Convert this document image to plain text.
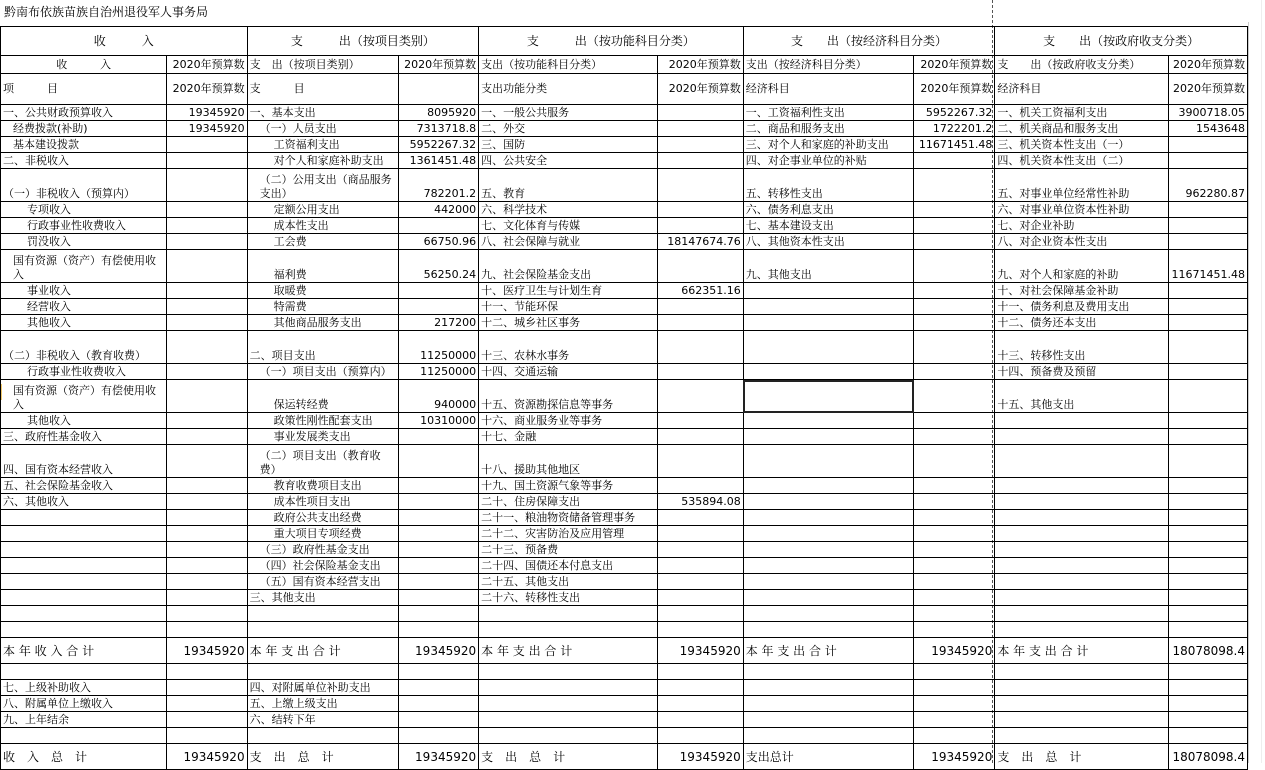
黔南布依族苗族自治州退役军人事务局
收　　　入		支　　　出（按项目类别）		支　　　出（按功能科目分类）		支　　出（按经济科目分类）		支　　出（按政府收支分类）	
收　　　入	2020年预算数	支　出（按项目类别）	2020年预算数	支出（按功能科目分类）	2020年预算数	支出（按经济科目分类）	2020年预算数	支　　出（按政府收支分类）	2020年预算数
项　　　目	2020年预算数	支　　　目		支出功能分类	2020年预算数	经济科目	2020年预算数	经济科目	2020年预算数
一、公共财政预算收入	19345920	一、基本支出	8095920	一、一般公共服务		一、工资福利性支出	5952267.32	一、机关工资福利支出	3900718.05
经费拨款(补助)	19345920	（一）人员支出	7313718.8	二、外交		二、商品和服务支出	1722201.2	二、机关商品和服务支出	1543648
基本建设拨款		工资福利支出	5952267.32	三、国防		三、对个人和家庭的补助支出	11671451.48	三、机关资本性支出（一）	
二、非税收入		对个人和家庭补助支出	1361451.48	四、公共安全		四、对企事业单位的补贴		四、机关资本性支出（二）	
（一）非税收入（预算内）		（二）公用支出（商品服务支出）	782201.2	五、教育		五、转移性支出		五、对事业单位经常性补助	962280.87
专项收入		定额公用支出	442000	六、科学技术		六、债务利息支出		六、对事业单位资本性补助	
行政事业性收费收入		成本性支出		七、文化体育与传媒		七、基本建设支出		七、对企业补助	
罚没收入		工会费	66750.96	八、社会保障与就业	18147674.76	八、其他资本性支出		八、对企业资本性支出	
国有资源（资产）有偿使用收入		福利费	56250.24	九、社会保险基金支出		九、其他支出		九、对个人和家庭的补助	11671451.48
事业收入		取暖费		十、医疗卫生与计划生育	662351.16			十、对社会保障基金补助	
经营收入		特需费		十一、节能环保				十一、债务利息及费用支出	
其他收入		其他商品服务支出	217200	十二、城乡社区事务				十二、债务还本支出	
（二）非税收入（教育收费）		二、项目支出	11250000	十三、农林水事务				十三、转移性支出	
行政事业性收费收入		（一）项目支出（预算内）	11250000	十四、交通运输				十四、预备费及预留	
国有资源（资产）有偿使用收入		保运转经费	940000	十五、资源勘探信息等事务				十五、其他支出	
其他收入		政策性刚性配套支出	10310000	十六、商业服务业等事务					
三、政府性基金收入		事业发展类支出		十七、金融					
四、国有资本经营收入		（二）项目支出（教育收费）		十八、援助其他地区					
五、社会保险基金收入		教育收费项目支出		十九、国土资源气象等事务					
六、其他收入		成本性项目支出		二十、住房保障支出	535894.08				
		政府公共支出经费		二十一、粮油物资储备管理事务					
		重大项目专项经费		二十二、灾害防治及应用管理					
		（三）政府性基金支出		二十三、预备费					
		（四）社会保险基金支出		二十四、国债还本付息支出					
		（五）国有资本经营支出		二十五、其他支出					
		三、其他支出		二十六、转移性支出					

本 年 收 入 合 计	19345920	本 年 支 出 合 计	19345920	本 年 支 出 合 计	19345920	本 年 支 出 合 计	19345920	本 年 支 出 合 计	18078098.4

七、上级补助收入		四、对附属单位补助支出							
八、附属单位上缴收入		五、上缴上级支出							
九、上年结余		六、结转下年							

收　入　总　计	19345920	支　出　总　计	19345920	支　出　总　计	19345920	支出总计	19345920	支　出　总　计	18078098.4
